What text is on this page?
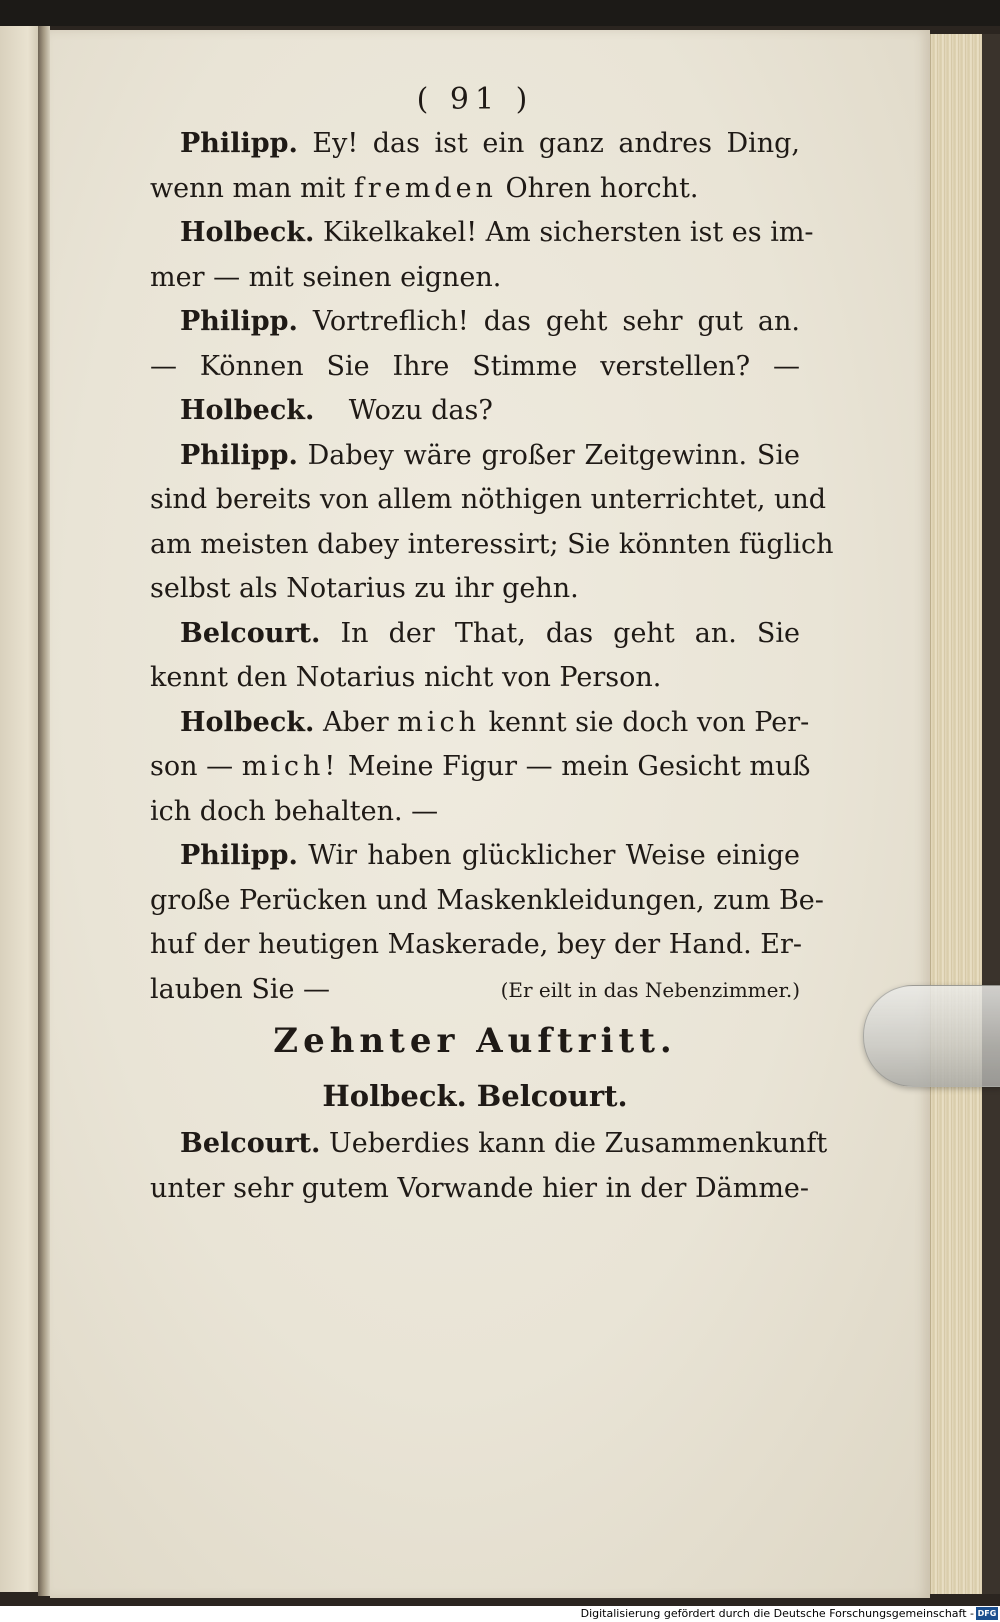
( 91 )
Philipp. Ey! das ist ein ganz andres Ding,
wenn man mit fremden Ohren horcht.
Holbeck. Kikelkakel! Am sichersten ist es im-
mer — mit seinen eignen.
Philipp. Vortreflich! das geht sehr gut an.
— Können Sie Ihre Stimme verstellen? —
Holbeck. Wozu das?
Philipp. Dabey wäre großer Zeitgewinn. Sie
sind bereits von allem nöthigen unterrichtet, und
am meisten dabey interessirt; Sie könnten füglich
selbst als Notarius zu ihr gehn.
Belcourt. In der That, das geht an. Sie
kennt den Notarius nicht von Person.
Holbeck. Aber mich kennt sie doch von Per-
son — mich! Meine Figur — mein Gesicht muß
ich doch behalten. —
Philipp. Wir haben glücklicher Weise einige
große Perücken und Maskenkleidungen, zum Be-
huf der heutigen Maskerade, bey der Hand. Er-
lauben Sie —	(Er eilt in das Nebenzimmer.)
Zehnter Auftritt.
Holbeck. Belcourt.
Belcourt. Ueberdies kann die Zusammenkunft
unter sehr gutem Vorwande hier in der Dämme-
Digitalisierung gefördert durch die Deutsche Forschungsgemeinschaft - DFG
